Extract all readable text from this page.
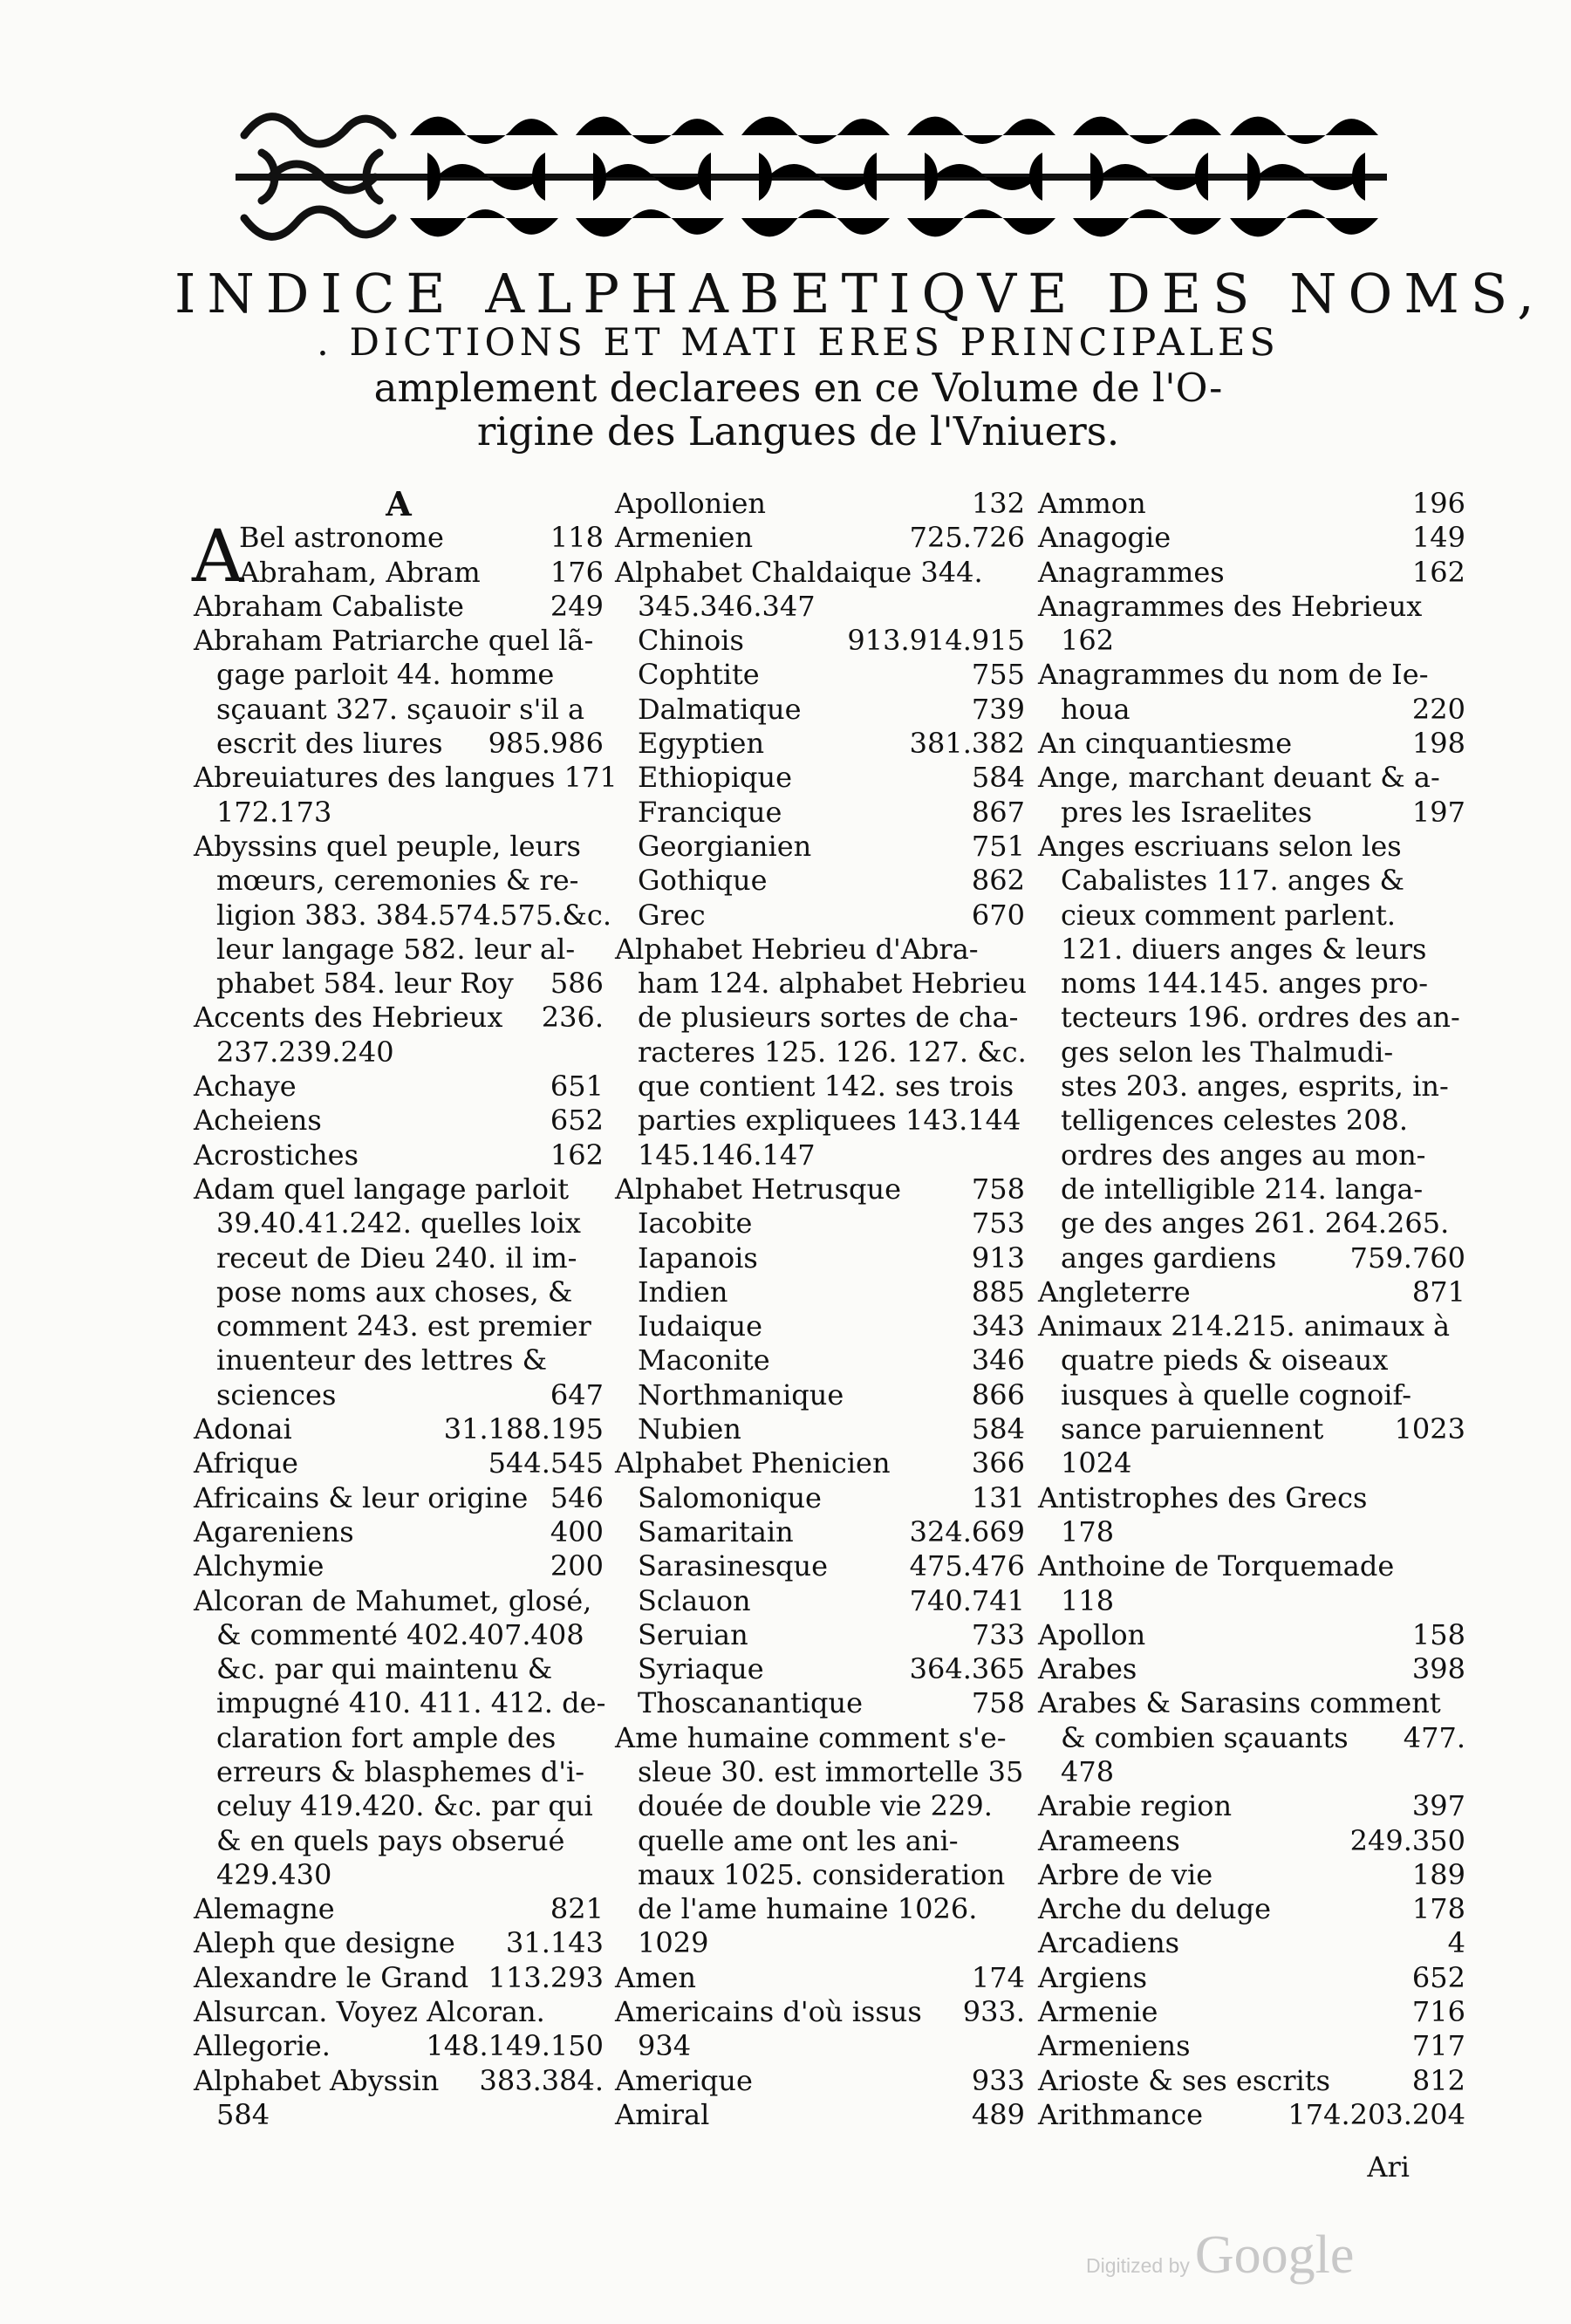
INDICE ALPHABETIQVE DES NOMS,
. DICTIONS ET MATI ERES PRINCIPALES
amplement declarees en ce Volume de l'O-
rigine des Langues de l'Vniuers.
A
A
Bel astronome	118
Abraham, Abram	176
Abraham Cabaliste	249
Abraham Patriarche quel lã-
gage parloit 44. homme
sçauant 327. sçauoir s'il a
escrit des liures	985.986
Abreuiatures des langues 171
172.173
Abyssins quel peuple, leurs
mœurs, ceremonies & re-
ligion 383. 384.574.575.&c.
leur langage 582. leur al-
phabet 584. leur Roy	586
Accents des Hebrieux	236.
237.239.240
Achaye	651
Acheiens	652
Acrostiches	162
Adam quel langage parloit
39.40.41.242. quelles loix
receut de Dieu 240. il im-
pose noms aux choses, &
comment 243. est premier
inuenteur des lettres &
sciences	647
Adonai	31.188.195
Afrique	544.545
Africains & leur origine 546
Agareniens	400
Alchymie	200
Alcoran de Mahumet, glosé,
& commenté 402.407.408
&c. par qui maintenu &
impugné 410. 411. 412. de-
claration fort ample des
erreurs & blasphemes d'i-
celuy 419.420. &c. par qui
& en quels pays obserué
429.430
Alemagne	821
Aleph que designe	31.143
Alexandre le Grand 113.293
Alsurcan. Voyez Alcoran.
Allegorie.	148.149.150
Alphabet Abyssin	383.384.
584
Apollonien	132
Armenien	725.726
Alphabet Chaldaique 344.
345.346.347
Chinois	913.914.915
Cophtite	755
Dalmatique	739
Egyptien	381.382
Ethiopique	584
Francique	867
Georgianien	751
Gothique	862
Grec	670
Alphabet Hebrieu d'Abra-
ham 124. alphabet Hebrieu
de plusieurs sortes de cha-
racteres 125. 126. 127. &c.
que contient 142. ses trois
parties expliquees 143.144
145.146.147
Alphabet Hetrusque	758
Iacobite	753
Iapanois	913
Indien	885
Iudaique	343
Maconite	346
Northmanique	866
Nubien	584
Alphabet Phenicien	366
Salomonique	131
Samaritain	324.669
Sarasinesque	475.476
Sclauon	740.741
Seruian	733
Syriaque	364.365
Thoscanantique	758
Ame humaine comment s'e-
sleue 30. est immortelle 35
douée de double vie 229.
quelle ame ont les ani-
maux 1025. consideration
de l'ame humaine 1026.
1029
Amen	174
Americains d'où issus	933.
934
Amerique	933
Amiral	489
Ammon	196
Anagogie	149
Anagrammes	162
Anagrammes des Hebrieux
162
Anagrammes du nom de Ie-
houa	220
An cinquantiesme	198
Ange, marchant deuant & a-
pres les Israelites	197
Anges escriuans selon les
Cabalistes 117. anges &
cieux comment parlent.
121. diuers anges & leurs
noms 144.145. anges pro-
tecteurs 196. ordres des an-
ges selon les Thalmudi-
stes 203. anges, esprits, in-
telligences celestes 208.
ordres des anges au mon-
de intelligible 214. langa-
ge des anges 261. 264.265.
anges gardiens	759.760
Angleterre	871
Animaux 214.215. animaux à
quatre pieds & oiseaux
iusques à quelle cognoif-
sance paruiennent	1023
1024
Antistrophes des Grecs
178
Anthoine de Torquemade
118
Apollon	158
Arabes	398
Arabes & Sarasins comment
& combien sçauants	477.
478
Arabie region	397
Arameens	249.350
Arbre de vie	189
Arche du deluge	178
Arcadiens	4
Argiens	652
Armenie	716
Armeniens	717
Arioste & ses escrits	812
Arithmance	174.203.204
Ari
Digitized byGoogle
